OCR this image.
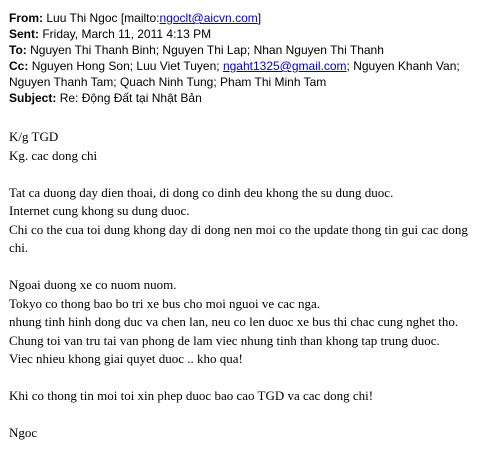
From: Luu Thi Ngoc [mailto:ngoclt@aicvn.com]
Sent: Friday, March 11, 2011 4:13 PM
To: Nguyen Thi Thanh Binh; Nguyen Thi Lap; Nhan Nguyen Thi Thanh
Cc: Nguyen Hong Son; Luu Viet Tuyen; ngaht1325@gmail.com; Nguyen Khanh Van; Nguyen Thanh Tam; Quach Ninh Tung; Pham Thi Minh Tam
Subject: Re: Động Đất tại Nhật Bản
K/g TGD
Kg. cac dong chi
Tat ca duong day dien thoai, di dong co dinh deu khong the su dung duoc.
Internet cung khong su dung duoc.
Chi co the cua toi dung khong day di dong nen moi co the update thong tin gui cac dong chi.
Ngoai duong xe co nuom nuom.
Tokyo co thong bao bo tri xe bus cho moi nguoi ve cac nga.
nhung tinh hinh dong duc va chen lan, neu co len duoc xe bus thi chac cung nghet tho.
Chung toi van tru tai van phong de lam viec nhung tinh than khong tap trung duoc.
Viec nhieu khong giai quyet duoc .. kho qua!
Khi co thong tin moi toi xin phep duoc bao cao TGD va cac dong chi!
Ngoc
